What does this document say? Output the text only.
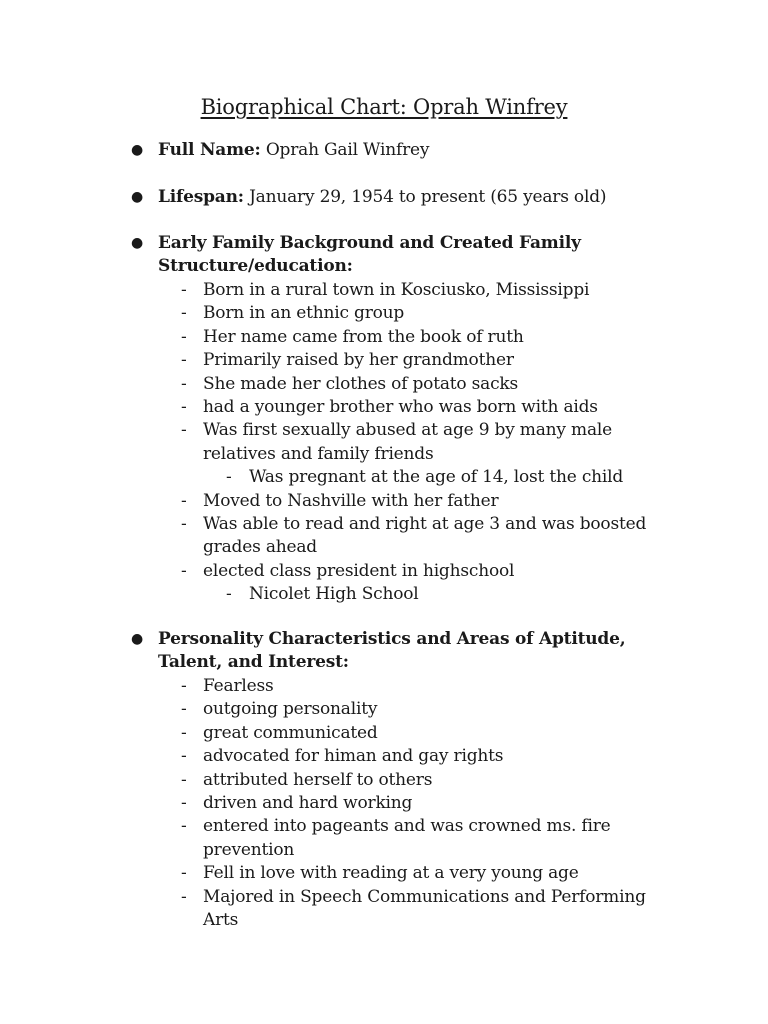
Biographical Chart: Oprah Winfrey
● Full Name: Oprah Gail Winfrey
● Lifespan: January 29, 1954 to present (65 years old)
● Early Family Background and Created Family Structure/education:
- Born in a rural town in Kosciusko, Mississippi
- Born in an ethnic group
- Her name came from the book of ruth
- Primarily raised by her grandmother
- She made her clothes of potato sacks
- had a younger brother who was born with aids
- Was first sexually abused at age 9 by many male relatives and family friends
- Was pregnant at the age of 14, lost the child
- Moved to Nashville with her father
- Was able to read and right at age 3 and was boosted grades ahead
- elected class president in highschool
- Nicolet High School
● Personality Characteristics and Areas of Aptitude, Talent, and Interest:
- Fearless
- outgoing personality
- great communicated
- advocated for himan and gay rights
- attributed herself to others
- driven and hard working
- entered into pageants and was crowned ms. fire prevention
- Fell in love with reading at a very young age
- Majored in Speech Communications and Performing Arts
